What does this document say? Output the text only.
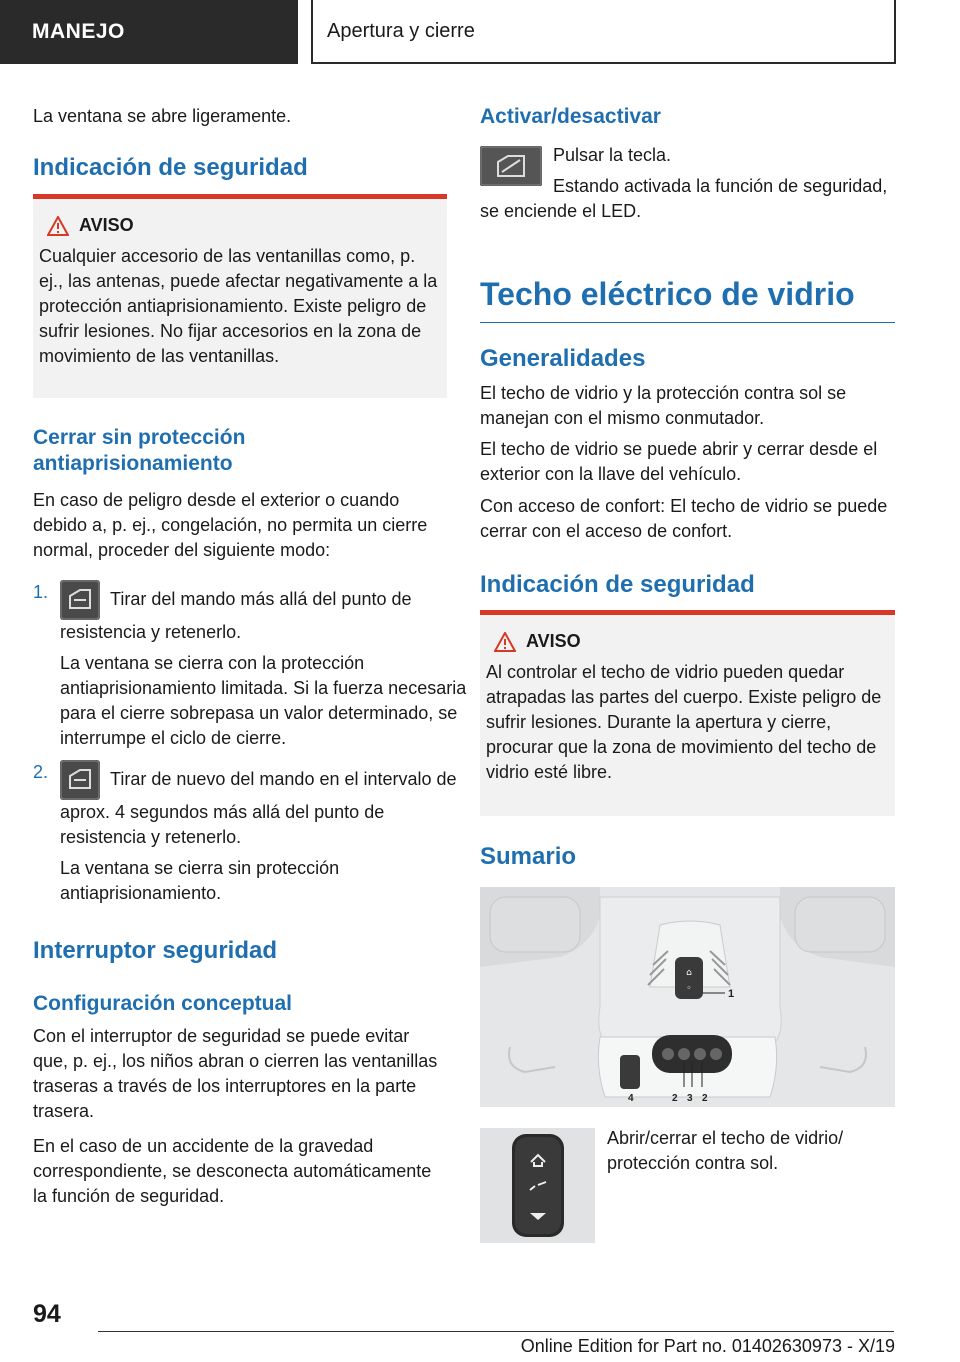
MANEJO	Apertura y cierre

La ventana se abre ligeramente.

Indicación de seguridad
AVISO

Cualquier accesorio de las ventanillas como, p. ej., las antenas, puede afectar negativamente a la protección antiaprisionamiento. Existe peligro de sufrir lesiones. No fijar accesorios en la zona de movimiento de las ventanillas.

Cerrar sin protección antiaprisionamiento

En caso de peligro desde el exterior o cuando debido a, p. ej., congelación, no permita un cierre normal, proceder del siguiente modo:

1.	Tirar del mando más allá del punto de resistencia y retenerlo.

La ventana se cierra con la protección antiaprisionamiento limitada. Si la fuerza necesaria para el cierre sobrepasa un valor determinado, se interrumpe el ciclo de cierre.

2.	Tirar de nuevo del mando en el intervalo de aprox. 4 segundos más allá del punto de resistencia y retenerlo.

La ventana se cierra sin protección antiaprisionamiento.

Interruptor seguridad
Configuración conceptual

Con el interruptor de seguridad se puede evitar que, p. ej., los niños abran o cierren las ventanillas traseras a través de los interruptores en la parte trasera.

En el caso de un accidente de la gravedad correspondiente, se desconecta automáticamente la función de seguridad.

Activar/desactivar

Pulsar la tecla.

Estando activada la función de seguridad, se enciende el LED.

Techo eléctrico de vidrio
Generalidades

El techo de vidrio y la protección contra sol se manejan con el mismo conmutador.

El techo de vidrio se puede abrir y cerrar desde el exterior con la llave del vehículo.

Con acceso de confort: El techo de vidrio se puede cerrar con el acceso de confort.

Indicación de seguridad
AVISO

Al controlar el techo de vidrio pueden quedar atrapadas las partes del cuerpo. Existe peligro de sufrir lesiones. Durante la apertura y cierre, procurar que la zona de movimiento del techo de vidrio esté libre.

Sumario
⌂
◦	1
4	2 3 2

Abrir/cerrar el techo de vidrio/ protección contra sol.

94
Online Edition for Part no. 01402630973 - X/19
